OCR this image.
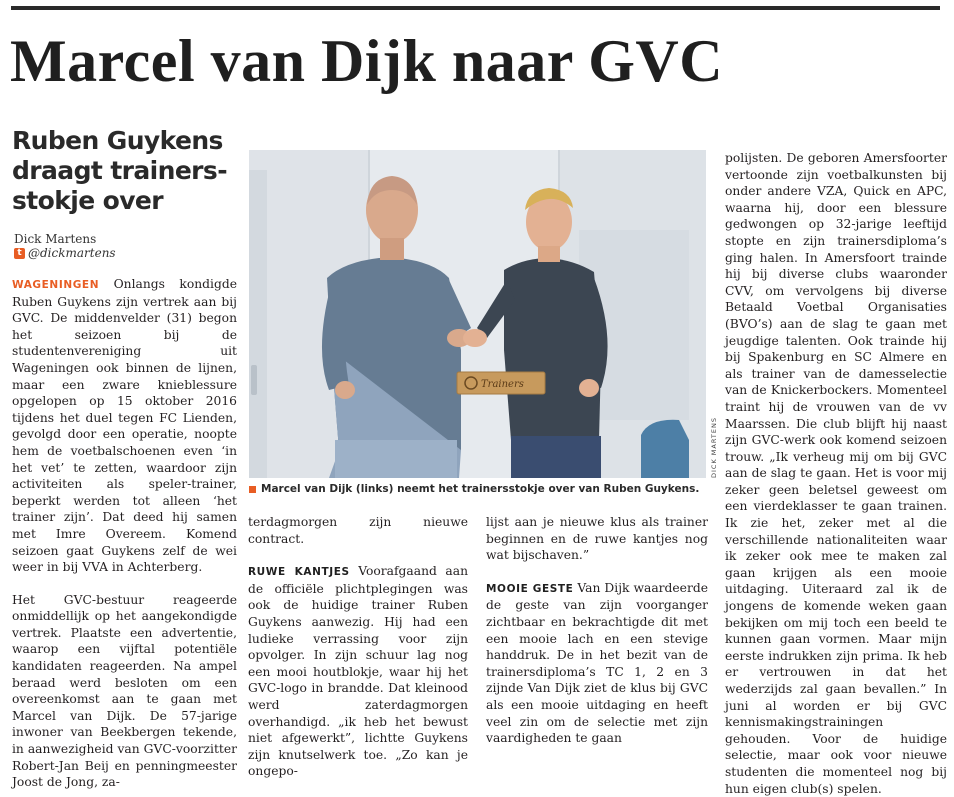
Marcel van Dijk naar GVC
Ruben Guykens
draagt trainers-
stokje over
Dick Martens
t @dickmartens

WAGENINGEN Onlangs kondigde Ruben Guykens zijn vertrek aan bij GVC. De middenvelder (31) begon het seizoen bij de studentenvereniging uit Wageningen ook binnen de lijnen, maar een zware knieblessure opgelopen op 15 oktober 2016 tijdens het duel tegen FC Lienden, gevolgd door een operatie, noopte hem de voetbalschoenen even ‘in het vet’ te zetten, waardoor zijn activiteiten als speler-trainer, beperkt werden tot alleen ‘het trainer zijn’. Dat deed hij samen met Imre Overeem. Komend seizoen gaat Guykens zelf de wei weer in bij VVA in Achterberg.

Het GVC-bestuur reageerde onmiddellijk op het aangekondigde vertrek. Plaatste een advertentie, waarop een vijftal potentiële kandidaten reageerden. Na ampel beraad werd besloten om een overeenkomst aan te gaan met Marcel van Dijk. De 57-jarige inwoner van Beekbergen tekende, in aanwezigheid van GVC-voorzitter Robert-Jan Beij en penningmeester Joost de Jong, za-

Trainers
DICK MARTENS
Marcel van Dijk (links) neemt het trainersstokje over van Ruben Guykens.

terdagmorgen zijn nieuwe contract.

RUWE KANTJES Voorafgaand aan de officiële plichtplegingen was ook de huidige trainer Ruben Guykens aanwezig. Hij had een ludieke verrassing voor zijn opvolger. In zijn schuur lag nog een mooi houtblokje, waar hij het GVC-logo in brandde. Dat kleinood werd zaterdagmorgen overhandigd. „ik heb het bewust niet afgewerkt”, lichtte Guykens zijn knutselwerk toe. „Zo kan je ongepo-

lijst aan je nieuwe klus als trainer beginnen en de ruwe kantjes nog wat bijschaven.”

MOOIE GESTE Van Dijk waardeerde de geste van zijn voorganger zichtbaar en bekrachtigde dit met een mooie lach en een stevige handdruk. De in het bezit van de trainersdiploma’s TC 1, 2 en 3 zijnde Van Dijk ziet de klus bij GVC als een mooie uitdaging en heeft veel zin om de selectie met zijn vaardigheden te gaan

polijsten. De geboren Amersfoorter vertoonde zijn voetbalkunsten bij onder andere VZA, Quick en APC, waarna hij, door een blessure gedwongen op 32-jarige leeftijd stopte en zijn trainersdiploma’s ging halen. In Amersfoort trainde hij bij diverse clubs waaronder CVV, om vervolgens bij diverse Betaald Voetbal Organisaties (BVO’s) aan de slag te gaan met jeugdige talenten. Ook trainde hij bij Spakenburg en SC Almere en als trainer van de damesselectie van de Knickerbockers. Momenteel traint hij de vrouwen van de vv Maarssen. Die club blijft hij naast zijn GVC-werk ook komend seizoen trouw. „Ik verheug mij om bij GVC aan de slag te gaan. Het is voor mij zeker geen beletsel geweest om een vierdeklasser te gaan trainen. Ik zie het, zeker met al die verschillende nationaliteiten waar ik zeker ook mee te maken zal gaan krijgen als een mooie uitdaging. Uiteraard zal ik de jongens de komende weken gaan bekijken om mij toch een beeld te kunnen gaan vormen. Maar mijn eerste indrukken zijn prima. Ik heb er vertrouwen in dat het wederzijds zal gaan bevallen.” In juni al worden er bij GVC kennismakingstrainingen gehouden. Voor de huidige selectie, maar ook voor nieuwe studenten die momenteel nog bij hun eigen club(s) spelen.
